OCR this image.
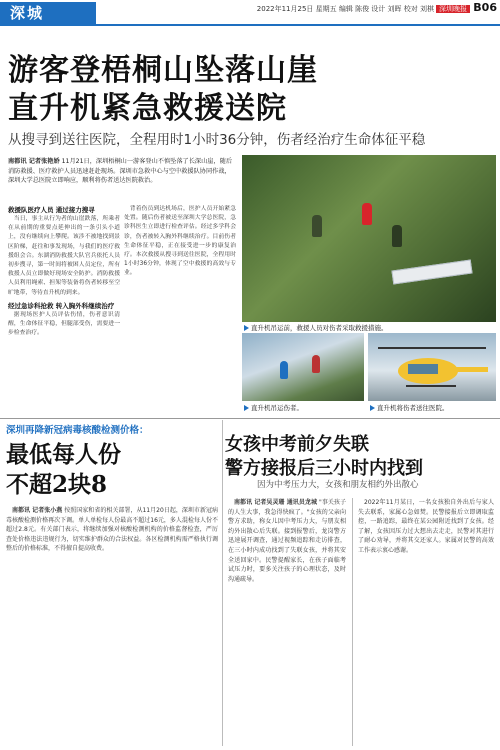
深城	2022年11月25日 星期五 编辑 陈俊 设计 刘晖 校对 刘棋 深圳晚报 B06
游客登梧桐山坠落山崖
直升机紧急救援送院
从搜寻到送往医院，全程用时1小时36分钟，伤者经治疗生命体征平稳
南都讯 记者张艳娇 11月21日，深圳梧桐山一游客登山不慎坠落了长深山崖，随后消防救援、医疗救护人员迅速赶赴现场。深圳市急救中心与空中救援队协同作战，深圳大学总医院立即响应，顺利将伤者送达医院救治。
救援队医疗人员 通过接力搜寻

当日，事主从行为者的山崖跌落，所乘者在从前期的重要点延伸出的一条引头小道上，没有继续向上攀爬。该涉不被地找到景区阶梯，赶往和事发现场，与我们的医疗救援组会合。东湖消防救援大队官兵依托人员初步搜寻，第一时间将被困人员定位，所有救援人员立即做好现场安全防护。消防救援人员利用绳索、担架等装备将伤者转移至空旷地带，等待直升机的到来。

经过急诊科抢救 转入胸外科继续治疗

据现场医护人员评估伤情，伤者意识清醒，生命体征平稳，但腿部受伤，需要进一步检查治疗。

背着伤员到达机场后，医护人员开始紧急处置。随后伤者被送至深圳大学总医院，急诊科医生立即进行检查评估。经过多学科会诊，伤者被转入胸外科继续治疗。目前伤者生命体征平稳，正在接受进一步的康复治疗。本次救援从搜寻到送往医院，全程用时1小时36分钟，体现了空中救援的高效与专业。

直升机吊运前，救援人员对伤者采取救援措施。
直升机吊运伤者。	直升机将伤者送往医院。
深圳再降新冠病毒核酸检测价格：
最低每人份
不超2块8

南都讯 记者张小燕 按照国家和省的相关部署，从11月20日起，深圳市新冠病毒核酸检测价格再次下调。单人单检每人份最高不超过16元，多人混检每人份不超过2.8元。有关部门表示，将继续加强对核酸检测机构的价格监督检查，严厉查处价格违法违规行为，切实维护群众的合法权益。各区检测机构需严格执行调整后的价格标准，不得擅自提高收费。

女孩中考前夕失联
警方接报后三小时内找到
因为中考压力大，女孩和朋友相约外出散心

南都讯 记者吴灵珊 通讯员龙城 "事关孩子的人生大事，我急得快疯了。"女孩的父亲向警方求助，称女儿因中考压力大，与朋友相约外出散心后失联。接到报警后，龙岗警方迅速展开调查，通过视频追踪和走访排查，在三小时内成功找到了失联女孩，并将其安全送回家中。民警提醒家长，在孩子面临考试压力时，要多关注孩子的心理状态，及时沟通疏导。

2022年11月某日，一名女孩独自外出后与家人失去联系，家属心急如焚。民警接报后立即调取监控，一路追踪，最终在某公园附近找到了女孩。经了解，女孩因压力过大想出去走走，民警对其进行了耐心劝导，并将其交还家人。家属对民警的高效工作表示衷心感谢。
